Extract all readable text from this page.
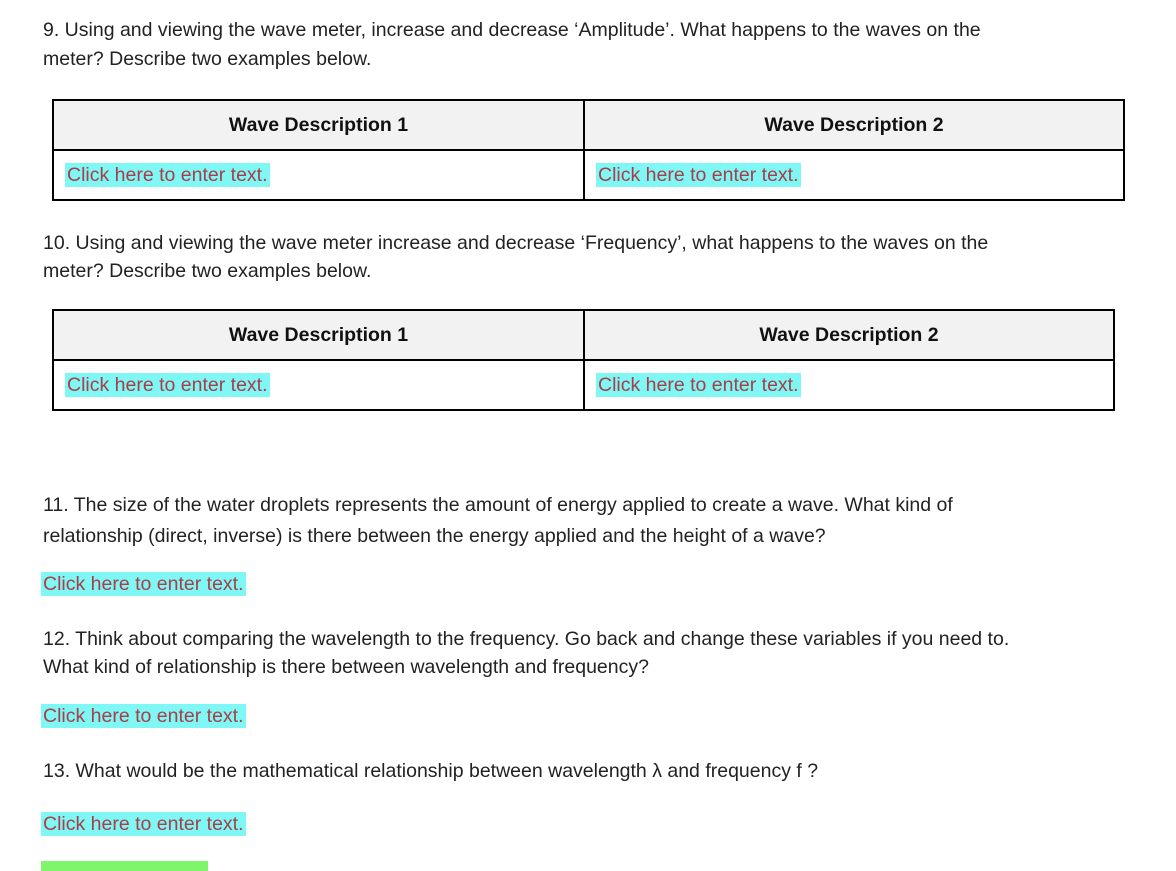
9. Using and viewing the wave meter, increase and decrease ‘Amplitude’. What happens to the waves on the
meter? Describe two examples below.

Wave Description 1	Wave Description 2
Click here to enter text.	Click here to enter text.

10. Using and viewing the wave meter increase and decrease ‘Frequency’, what happens to the waves on the
meter? Describe two examples below.

Wave Description 1	Wave Description 2
Click here to enter text.	Click here to enter text.

11. The size of the water droplets represents the amount of energy applied to create a wave. What kind of
relationship (direct, inverse) is there between the energy applied and the height of a wave?

Click here to enter text.

12. Think about comparing the wavelength to the frequency. Go back and change these variables if you need to.
What kind of relationship is there between wavelength and frequency?

Click here to enter text.

13. What would be the mathematical relationship between wavelength λ and frequency f ?

Click here to enter text.
